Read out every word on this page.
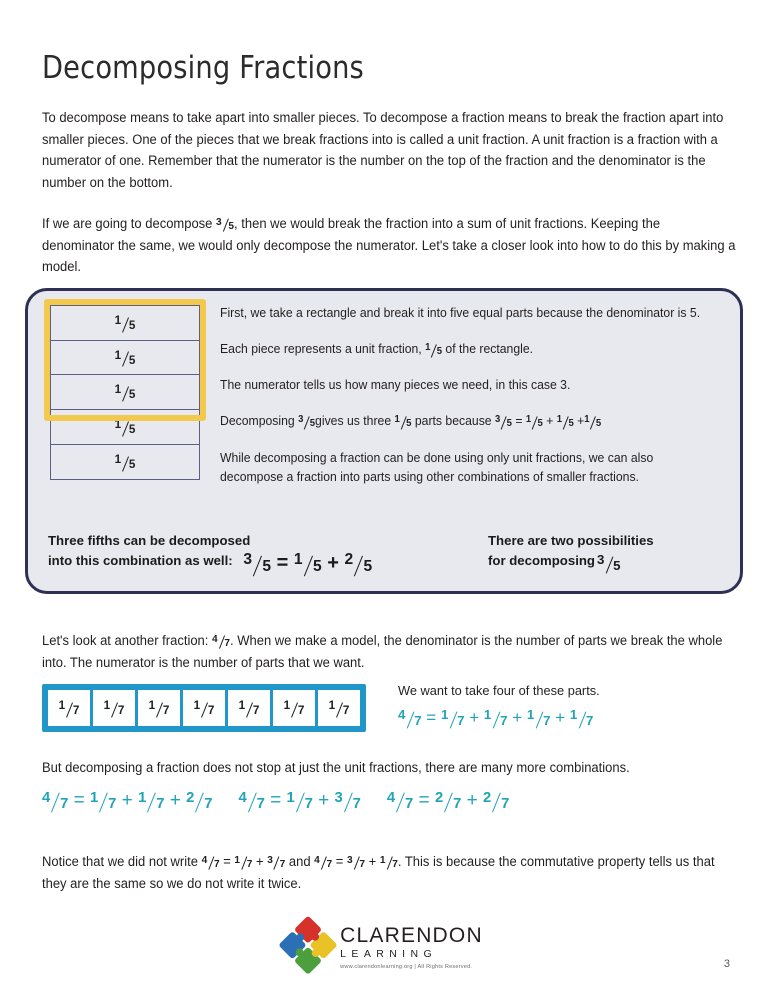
Decomposing Fractions
To decompose means to take apart into smaller pieces. To decompose a fraction means to break the fraction apart into smaller pieces. One of the pieces that we break fractions into is called a unit fraction. A unit fraction is a fraction with a numerator of one. Remember that the numerator is the number on the top of the fraction and the denominator is the number on the bottom.
If we are going to decompose $^3$ 5, then we would break the fraction into a sum of unit fractions. Keeping the denominator the same, we would only decompose the numerator. Let's take a closer look into how to do this by making a model.
$^1$ 5
$^1$ 5
$^1$ 5
$^1$ 5
$^1$ 5
First, we take a rectangle and break it into five equal parts because the denominator is 5.
Each piece represents a unit fraction, $^1$ 5 of the rectangle.
The numerator tells us how many pieces we need, in this case 3.
Decomposing $^3$ 5gives us three $^1$ 5 parts because $^3$ 5 = $^1$ 5 + $^1$ 5 +$^1$ 5
While decomposing a fraction can be done using only unit fractions, we can also decompose a fraction into parts using other combinations of smaller fractions.
Three fifths can be decomposed
into this combination as well: $^3$ 5 = $^1$ 5 + $^2$ 5
There are two possibilities
for decomposing $^3$ 5
Let's look at another fraction: $^4$ 7. When we make a model, the denominator is the number of parts we break the whole into. The numerator is the number of parts that we want.
$^1$ 7 $^1$ 7 $^1$ 7 $^1$ 7 $^1$ 7 $^1$ 7 $^1$ 7
We want to take four of these parts.
$^4$ 7 = $^1$ 7 + $^1$ 7 + $^1$ 7 + $^1$ 7
But decomposing a fraction does not stop at just the unit fractions, there are many more combinations.
$^4$ 7 = $^1$ 7 + $^1$ 7 + $^2$ 7 $^4$ 7 = $^1$ 7 + $^3$ 7 $^4$ 7 = $^2$ 7 + $^2$ 7
Notice that we did not write $^4$ 7 = $^1$ 7 + $^3$ 7 and $^4$ 7 = $^3$ 7 + $^1$ 7. This is because the commutative property tells us that they are the same so we do not write it twice.
CLARENDON
LEARNING
www.clarendonlearning.org | All Rights Reserved.	3
